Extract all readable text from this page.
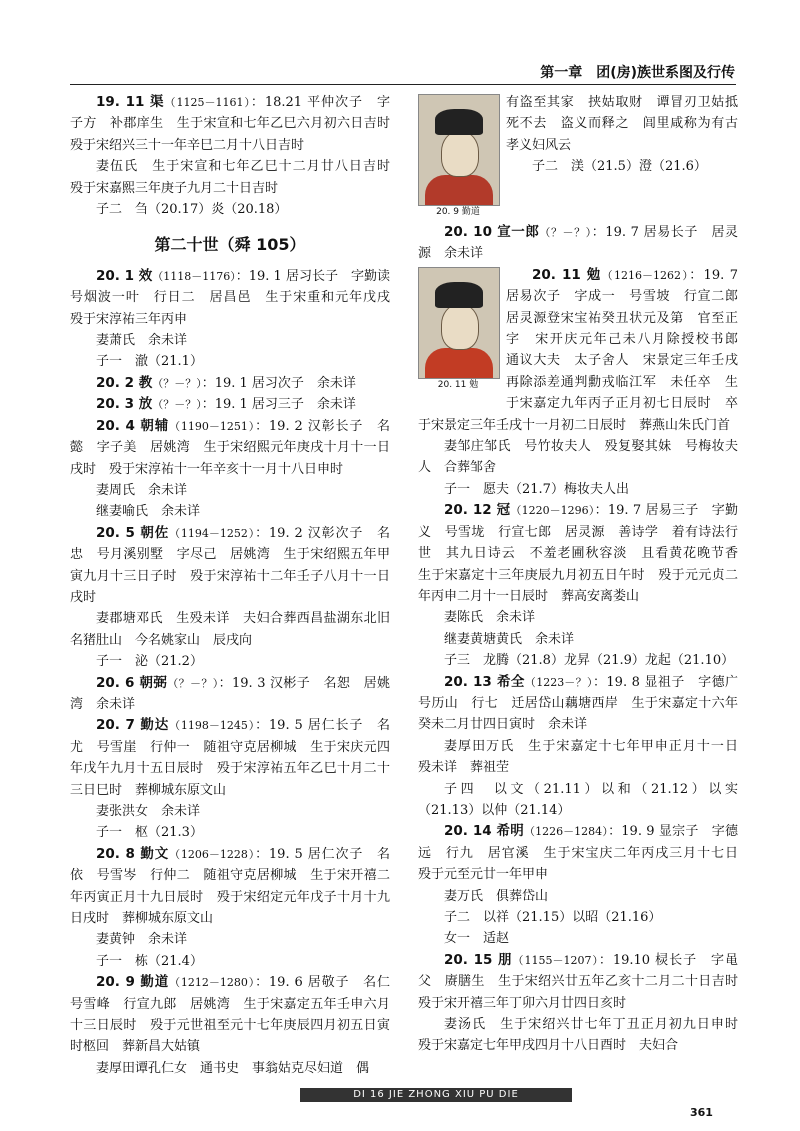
第一章　团(房)族世系图及行传

19. 11 渠（1125－1161）：18.21 平仲次子　字子方　补郡庠生　生于宋宣和七年乙巳六月初六日吉时　殁于宋绍兴三十一年辛巳二月十八日吉时

妻伍氏　生于宋宣和七年乙巳十二月廿八日吉时　殁于宋嘉熙三年庚子九月二十日吉时

子二　刍（20.17）炎（20.18）

第二十世（舜 105）

20. 1 效（1118－1176）：19. 1 居习长子　字勤读　号烟波一叶　行日二　居昌邑　生于宋重和元年戊戌　殁于宋淳祐三年丙申

妻萧氏　余未详

子一　澈（21.1）

20. 2 教（？－？）：19. 1 居习次子　余未详

20. 3 放（？－？）：19. 1 居习三子　余未详

20. 4 朝辅（1190－1251）：19. 2 汉彰长子　名懿　字子美　居姚湾　生于宋绍熙元年庚戌十月十一日戌时　殁于宋淳祐十一年辛亥十一月十八日申时

妻周氏　余未详

继妻喻氏　余未详

20. 5 朝佐（1194－1252）：19. 2 汉彰次子　名忠　号月溪别墅　字尽己　居姚湾　生于宋绍熙五年甲寅九月十三日子时　殁于宋淳祐十二年壬子八月十一日戌时

妻郡塘邓氏　生殁未详　夫妇合葬西昌盐湖东北旧名猪肚山　今名姚家山　辰戌向

子一　泌（21.2）

20. 6 朝弼（？－？）：19. 3 汉彬子　名恕　居姚湾　余未详

20. 7 勤达（1198－1245）：19. 5 居仁长子　名尤　号雪崖　行仲一　随祖守克居柳城　生于宋庆元四年戊午九月十五日辰时　殁于宋淳祐五年乙巳十月二十三日巳时　葬柳城东原文山

妻张洪女　余未详

子一　枢（21.3）

20. 8 勤文（1206－1228）：19. 5 居仁次子　名依　号雪岑　行仲二　随祖守克居柳城　生于宋开禧二年丙寅正月十九日辰时　殁于宋绍定元年戊子十月十九日戌时　葬柳城东原文山

妻黄钟　余未详

子一　栋（21.4）

20. 9 勤道（1212－1280）：19. 6 居敬子　名仁　号雪峰　行宣九郎　居姚湾　生于宋嘉定五年壬申六月十三日辰时　殁于元世祖至元十七年庚辰四月初五日寅时柩回　葬新昌大姑镇

妻厚田谭孔仁女　通书史　事翁姑克尽妇道　偶

20. 9 勤道

有盗至其家　挟姑取财　谭冒刃卫姑抵死不去　盗义而释之　闾里咸称为有古孝义妇风云

子二　渼（21.5）澄（21.6）

20. 10 宣一郎（？－？）：19. 7 居易长子　居灵源　余未详

20. 11 勉

20. 11 勉（1216－1262）：19. 7 居易次子　字成一　号雪坡　行宣二郎　居灵源登宋宝祐癸丑状元及第　官至正字　宋开庆元年己未八月除授校书郎　通议大夫　太子舍人　宋景定三年壬戌再除添差通判勳戎临江军　未任卒　生于宋嘉定九年丙子正月初七日辰时　卒于宋景定三年壬戌十一月初二日辰时　葬燕山朱氏门首

妻邹庄邹氏　号竹妆夫人　殁复娶其妹　号梅妆夫人　合葬邹舍

子一　愿夫（21.7）梅妆夫人出

20. 12 冠（1220－1296）：19. 7 居易三子　字勤义　号雪垅　行宣七郎　居灵源　善诗学　着有诗法行世　其九日诗云　不羞老圃秋容淡　且看黄花晚节香　生于宋嘉定十三年庚辰九月初五日午时　殁于元元贞二年丙申二月十一日辰时　葬高安离娄山

妻陈氏　余未详

继妻黄塘黄氏　余未详

子三　龙腾（21.8）龙昇（21.9）龙起（21.10）

20. 13 希全（1223－？）：19. 8 显祖子　字德广　号历山　行七　迁居岱山藕塘西岸　生于宋嘉定十六年癸未二月廿四日寅时　余未详

妻厚田万氏　生于宋嘉定十七年甲申正月十一日　殁未详　葬祖茔

子四　以文（21.11）以和（21.12）以实（21.13）以仲（21.14）

20. 14 希明（1226－1284）：19. 9 显宗子　字德远　行九　居官溪　生于宋宝庆二年丙戌三月十七日　殁于元至元廿一年甲申

妻万氏　俱葬岱山

子二　以祥（21.15）以昭（21.16）

女一　适赵

20. 15 朋（1155－1207）：19.10 棂长子　字黾父　赓膳生　生于宋绍兴廿五年乙亥十二月二十日吉时　殁于宋开禧三年丁卯六月廿四日亥时

妻汤氏　生于宋绍兴廿七年丁丑正月初九日申时　殁于宋嘉定七年甲戌四月十八日酉时　夫妇合

DI 16 JIE ZHONG XIU PU DIE
361
